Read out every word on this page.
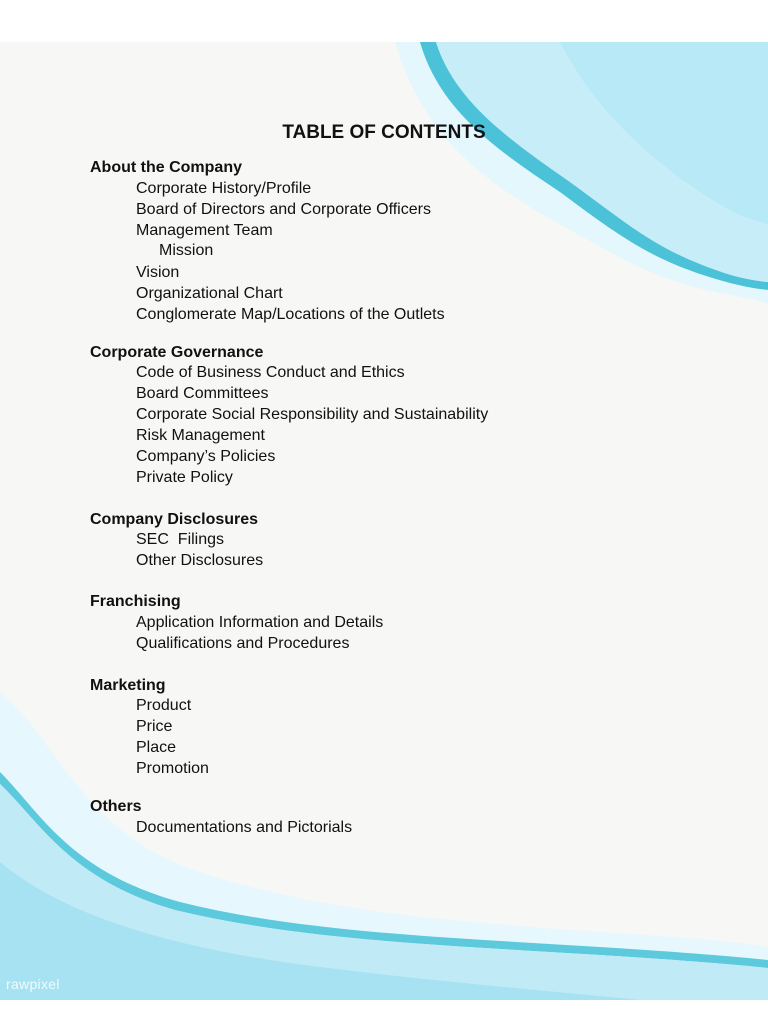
TABLE OF CONTENTS
About the Company
Corporate History/Profile
Board of Directors and Corporate Officers
Management Team
Mission
Vision
Organizational Chart
Conglomerate Map/Locations of the Outlets
Corporate Governance
Code of Business Conduct and Ethics
Board Committees
Corporate Social Responsibility and Sustainability
Risk Management
Company’s Policies
Private Policy
Company Disclosures
SEC  Filings
Other Disclosures
Franchising
Application Information and Details
Qualifications and Procedures
Marketing
Product
Price
Place
Promotion
Others
Documentations and Pictorials
rawpixel
